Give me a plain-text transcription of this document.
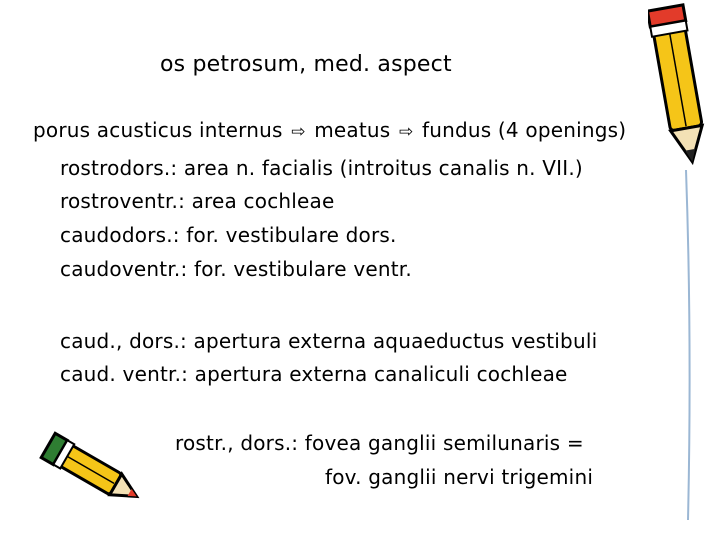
os petrosum, med. aspect
porus acusticus internus ⇨ meatus ⇨ fundus (4 openings)
rostrodors.: area n. facialis (introitus canalis n. VII.)
rostroventr.: area cochleae
caudodors.: for. vestibulare dors.
caudoventr.: for. vestibulare ventr.
caud., dors.: apertura externa aquaeductus vestibuli
caud. ventr.: apertura externa canaliculi cochleae
rostr., dors.: fovea ganglii semilunaris =
fov. ganglii nervi trigemini
